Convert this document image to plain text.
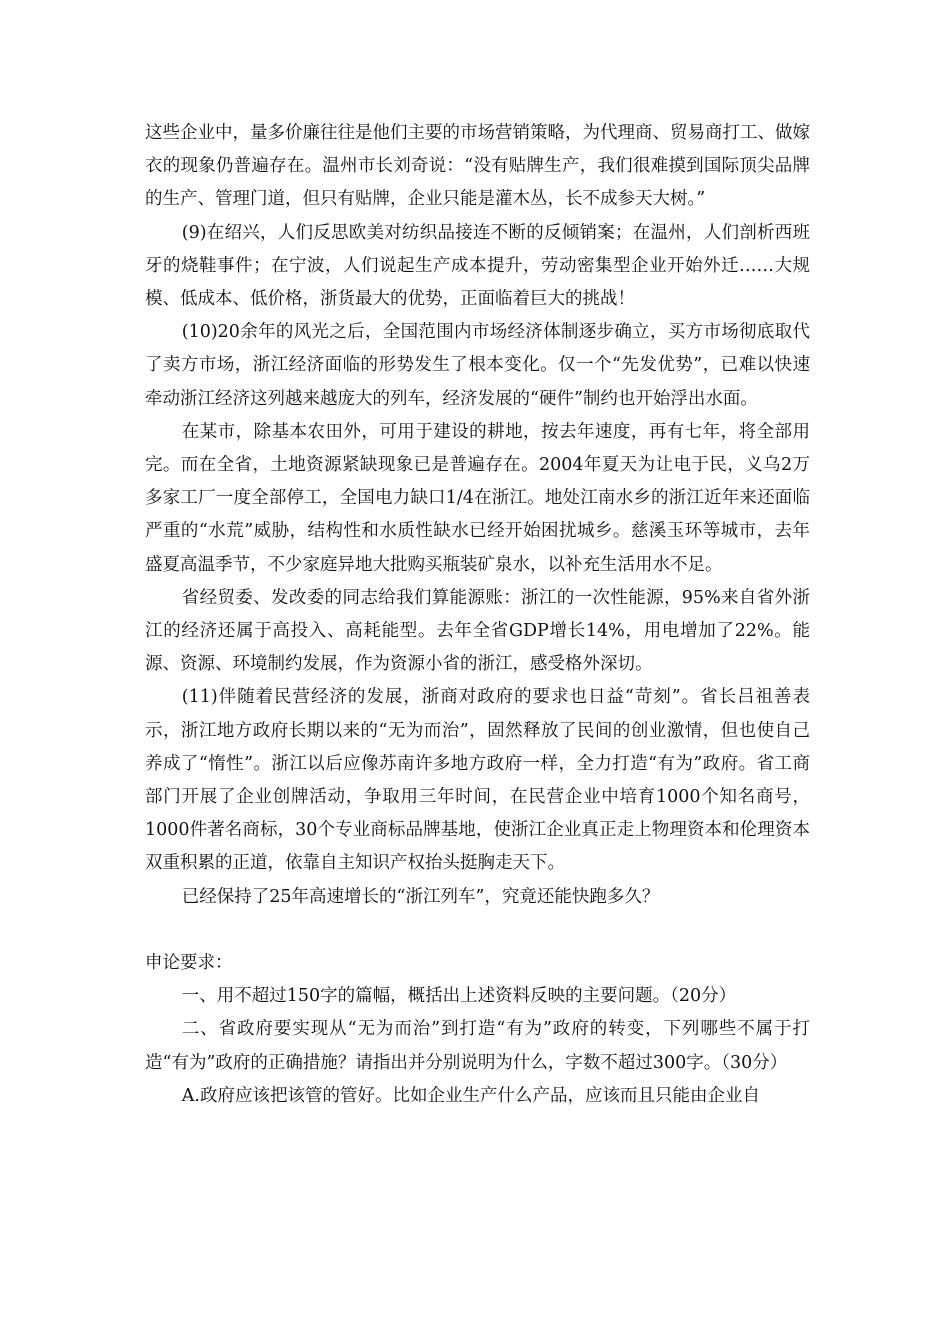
这些企业中，量多价廉往往是他们主要的市场营销策略，为代理商、贸易商打工、做嫁衣的现象仍普遍存在。温州市长刘奇说：“没有贴牌生产，我们很难摸到国际顶尖品牌的生产、管理门道，但只有贴牌，企业只能是灌木丛，长不成参天大树。”

(9)在绍兴，人们反思欧美对纺织品接连不断的反倾销案；在温州，人们剖析西班牙的烧鞋事件；在宁波，人们说起生产成本提升，劳动密集型企业开始外迁……大规模、低成本、低价格，浙货最大的优势，正面临着巨大的挑战！

(10)20余年的风光之后，全国范围内市场经济体制逐步确立，买方市场彻底取代了卖方市场，浙江经济面临的形势发生了根本变化。仅一个“先发优势”，已难以快速牵动浙江经济这列越来越庞大的列车，经济发展的“硬件”制约也开始浮出水面。

在某市，除基本农田外，可用于建设的耕地，按去年速度，再有七年，将全部用完。而在全省，土地资源紧缺现象已是普遍存在。2004年夏天为让电于民，义乌2万多家工厂一度全部停工，全国电力缺口1/4在浙江。地处江南水乡的浙江近年来还面临严重的“水荒”威胁，结构性和水质性缺水已经开始困扰城乡。慈溪玉环等城市，去年盛夏高温季节，不少家庭异地大批购买瓶装矿泉水，以补充生活用水不足。

省经贸委、发改委的同志给我们算能源账：浙江的一次性能源，95%来自省外浙江的经济还属于高投入、高耗能型。去年全省GDP增长14%，用电增加了22%。能源、资源、环境制约发展，作为资源小省的浙江，感受格外深切。

(11)伴随着民营经济的发展，浙商对政府的要求也日益“苛刻”。省长吕祖善表示，浙江地方政府长期以来的“无为而治”，固然释放了民间的创业激情，但也使自己养成了“惰性”。浙江以后应像苏南许多地方政府一样，全力打造“有为”政府。省工商部门开展了企业创牌活动，争取用三年时间，在民营企业中培育1000个知名商号，1000件著名商标，30个专业商标品牌基地，使浙江企业真正走上物理资本和伦理资本双重积累的正道，依靠自主知识产权抬头挺胸走天下。

已经保持了25年高速增长的“浙江列车”，究竟还能快跑多久？

申论要求：

一、用不超过150字的篇幅，概括出上述资料反映的主要问题。（20分）

二、省政府要实现从“无为而治”到打造“有为”政府的转变，下列哪些不属于打造“有为”政府的正确措施？请指出并分别说明为什么，字数不超过300字。（30分）

A.政府应该把该管的管好。比如企业生产什么产品，应该而且只能由企业自
